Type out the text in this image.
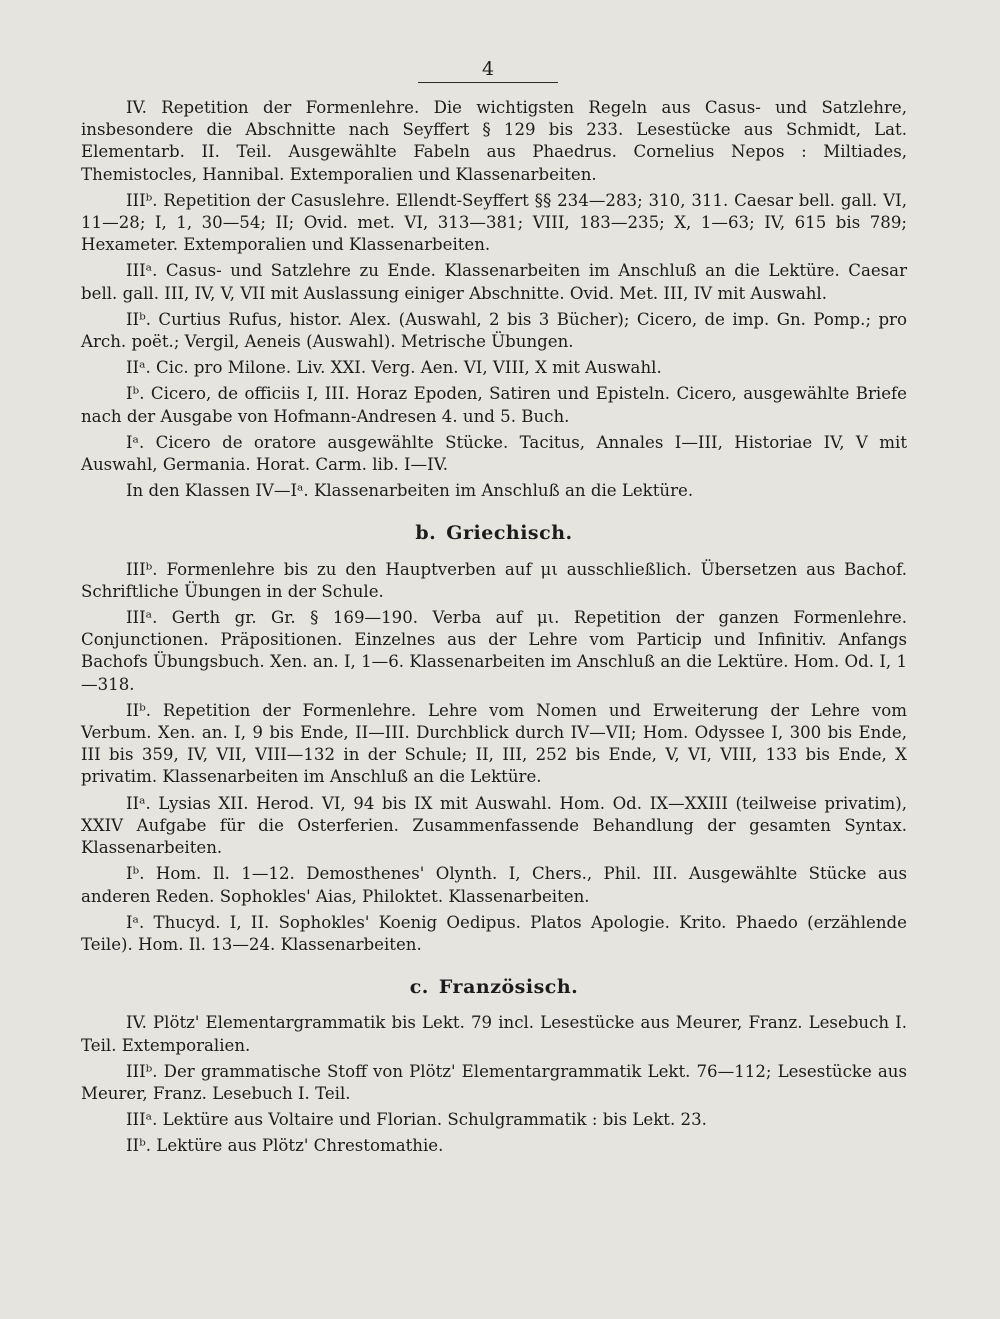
4

IV. Repetition der Formenlehre. Die wichtigsten Regeln aus Casus- und Satzlehre, insbesondere die Abschnitte nach Seyffert § 129 bis 233. Lesestücke aus Schmidt, Lat. Elementarb. II. Teil. Ausgewählte Fabeln aus Phaedrus. Cornelius Nepos : Miltiades, Themistocles, Hannibal. Extemporalien und Klassenarbeiten.

IIIᵇ. Repetition der Casuslehre. Ellendt-Seyffert §§ 234—283; 310, 311. Caesar bell. gall. VI, 11—28; I, 1, 30—54; II; Ovid. met. VI, 313—381; VIII, 183—235; X, 1—63; IV, 615 bis 789; Hexameter. Extemporalien und Klassenarbeiten.

IIIᵃ. Casus- und Satzlehre zu Ende. Klassenarbeiten im Anschluß an die Lektüre. Caesar bell. gall. III, IV, V, VII mit Auslassung einiger Abschnitte. Ovid. Met. III, IV mit Auswahl.

IIᵇ. Curtius Rufus, histor. Alex. (Auswahl, 2 bis 3 Bücher); Cicero, de imp. Gn. Pomp.; pro Arch. poët.; Vergil, Aeneis (Auswahl). Metrische Übungen.

IIᵃ. Cic. pro Milone. Liv. XXI. Verg. Aen. VI, VIII, X mit Auswahl.

Iᵇ. Cicero, de officiis I, III. Horaz Epoden, Satiren und Episteln. Cicero, ausgewählte Briefe nach der Ausgabe von Hofmann-Andresen 4. und 5. Buch.

Iᵃ. Cicero de oratore ausgewählte Stücke. Tacitus, Annales I—III, Historiae IV, V mit Auswahl, Germania. Horat. Carm. lib. I—IV.

In den Klassen IV—Iᵃ. Klassenarbeiten im Anschluß an die Lektüre.

b. Griechisch.

IIIᵇ. Formenlehre bis zu den Hauptverben auf μι ausschließlich. Übersetzen aus Bachof. Schriftliche Übungen in der Schule.

IIIᵃ. Gerth gr. Gr. § 169—190. Verba auf μι. Repetition der ganzen Formenlehre. Conjunctionen. Präpositionen. Einzelnes aus der Lehre vom Particip und Infinitiv. Anfangs Bachofs Übungsbuch. Xen. an. I, 1—6. Klassenarbeiten im Anschluß an die Lektüre. Hom. Od. I, 1—318.

IIᵇ. Repetition der Formenlehre. Lehre vom Nomen und Erweiterung der Lehre vom Verbum. Xen. an. I, 9 bis Ende, II—III. Durchblick durch IV—VII; Hom. Odyssee I, 300 bis Ende, III bis 359, IV, VII, VIII—132 in der Schule; II, III, 252 bis Ende, V, VI, VIII, 133 bis Ende, X privatim. Klassenarbeiten im Anschluß an die Lektüre.

IIᵃ. Lysias XII. Herod. VI, 94 bis IX mit Auswahl. Hom. Od. IX—XXIII (teilweise privatim), XXIV Aufgabe für die Osterferien. Zusammenfassende Behandlung der gesamten Syntax. Klassenarbeiten.

Iᵇ. Hom. Il. 1—12. Demosthenes' Olynth. I, Chers., Phil. III. Ausgewählte Stücke aus anderen Reden. Sophokles' Aias, Philoktet. Klassenarbeiten.

Iᵃ. Thucyd. I, II. Sophokles' Koenig Oedipus. Platos Apologie. Krito. Phaedo (erzählende Teile). Hom. Il. 13—24. Klassenarbeiten.

c. Französisch.

IV. Plötz' Elementargrammatik bis Lekt. 79 incl. Lesestücke aus Meurer, Franz. Lesebuch I. Teil. Extemporalien.

IIIᵇ. Der grammatische Stoff von Plötz' Elementargrammatik Lekt. 76—112; Lesestücke aus Meurer, Franz. Lesebuch I. Teil.

IIIᵃ. Lektüre aus Voltaire und Florian. Schulgrammatik : bis Lekt. 23.

IIᵇ. Lektüre aus Plötz' Chrestomathie.
